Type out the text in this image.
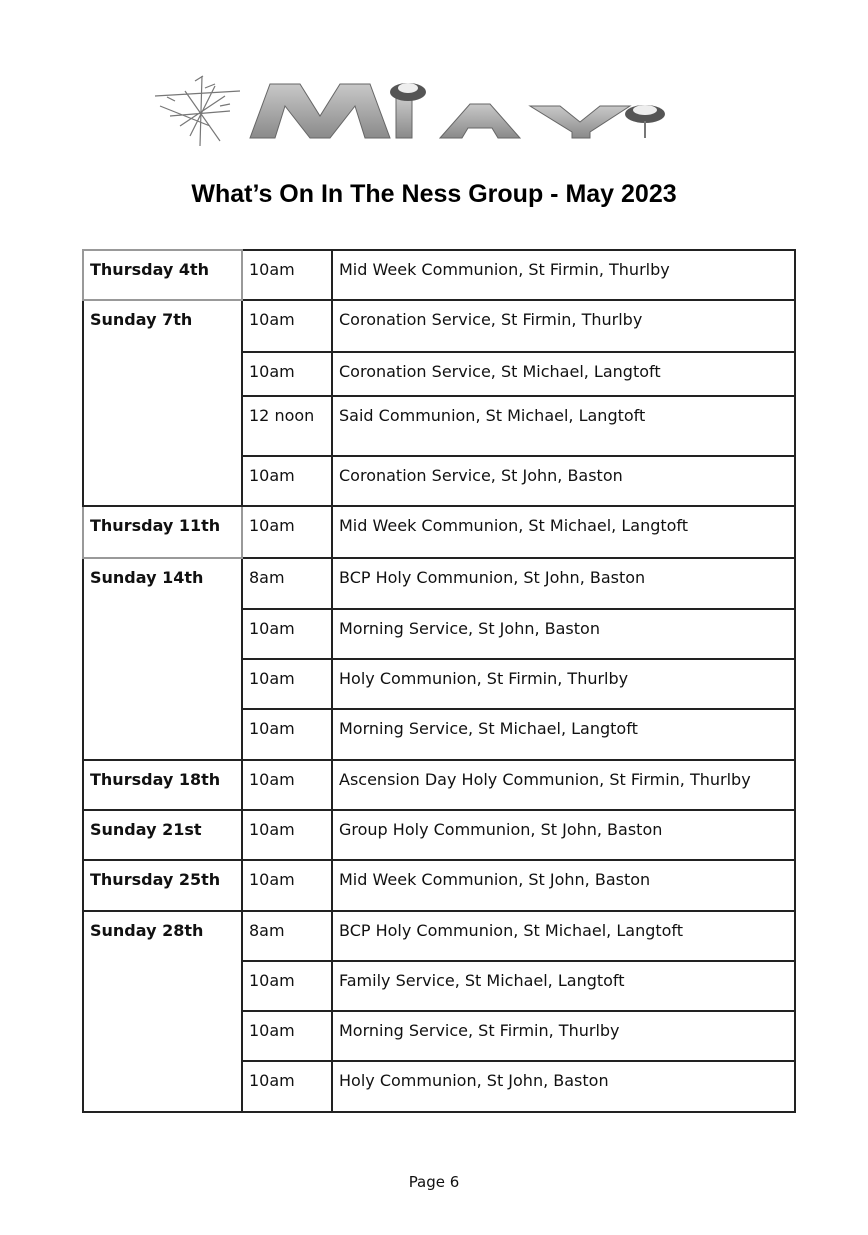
What’s On In The Ness Group - May 2023
Thursday 4th	10am	Mid Week Communion, St Firmin, Thurlby
Sunday 7th	10am	Coronation Service, St Firmin, Thurlby
	10am	Coronation Service, St Michael, Langtoft
	12 noon	Said Communion, St Michael, Langtoft
	10am	Coronation Service, St John, Baston
Thursday 11th	10am	Mid Week Communion, St Michael, Langtoft
Sunday 14th	8am	BCP Holy Communion, St John, Baston
	10am	Morning Service, St John, Baston
	10am	Holy Communion, St Firmin, Thurlby
	10am	Morning Service, St Michael, Langtoft
Thursday 18th	10am	Ascension Day Holy Communion, St Firmin, Thurlby
Sunday 21st	10am	Group Holy Communion, St John, Baston
Thursday 25th	10am	Mid Week Communion, St John, Baston
Sunday 28th	8am	BCP Holy Communion, St Michael, Langtoft
	10am	Family Service, St Michael, Langtoft
	10am	Morning Service, St Firmin, Thurlby
	10am	Holy Communion, St John, Baston
Page 6
